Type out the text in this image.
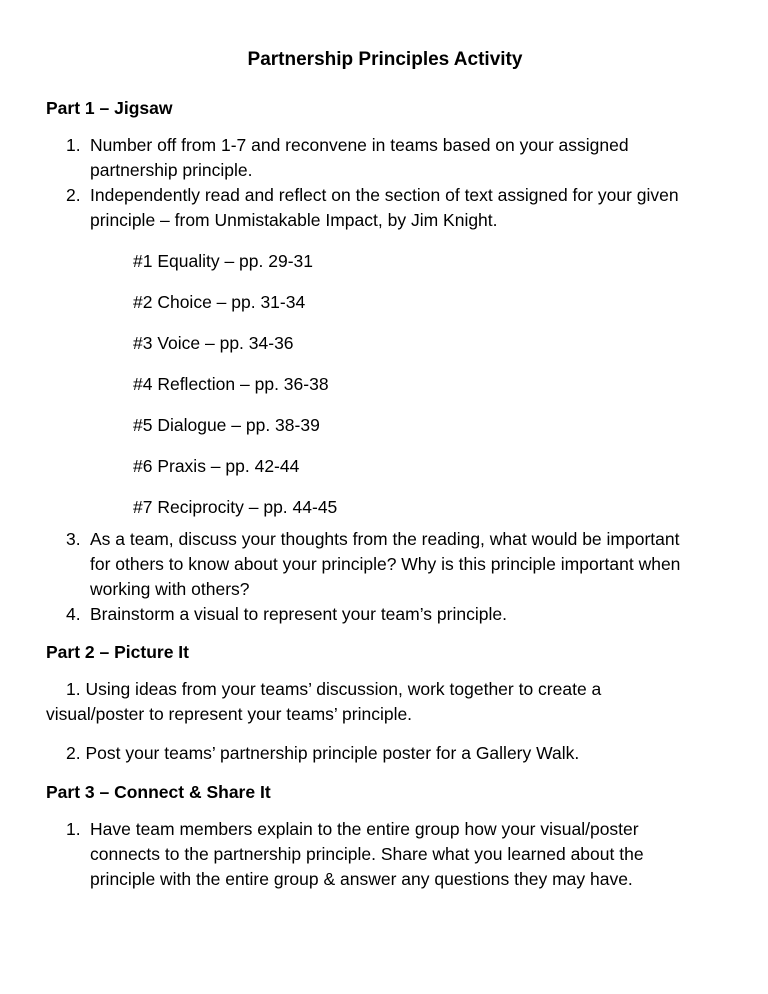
Partnership Principles Activity

Part 1 – Jigsaw

1. Number off from 1-7 and reconvene in teams based on your assigned partnership principle.
2. Independently read and reflect on the section of text assigned for your given principle – from Unmistakable Impact, by Jim Knight.
#1 Equality – pp. 29-31
#2 Choice – pp. 31-34
#3 Voice – pp. 34-36
#4 Reflection – pp. 36-38
#5 Dialogue – pp. 38-39
#6 Praxis – pp. 42-44
#7 Reciprocity – pp. 44-45
3. As a team, discuss your thoughts from the reading, what would be important for others to know about your principle? Why is this principle important when working with others?
4. Brainstorm a visual to represent your team’s principle.

Part 2 – Picture It

1. Using ideas from your teams’ discussion, work together to create a visual/poster to represent your teams’ principle.

2. Post your teams’ partnership principle poster for a Gallery Walk.

Part 3 – Connect & Share It

1. Have team members explain to the entire group how your visual/poster connects to the partnership principle. Share what you learned about the principle with the entire group & answer any questions they may have.
